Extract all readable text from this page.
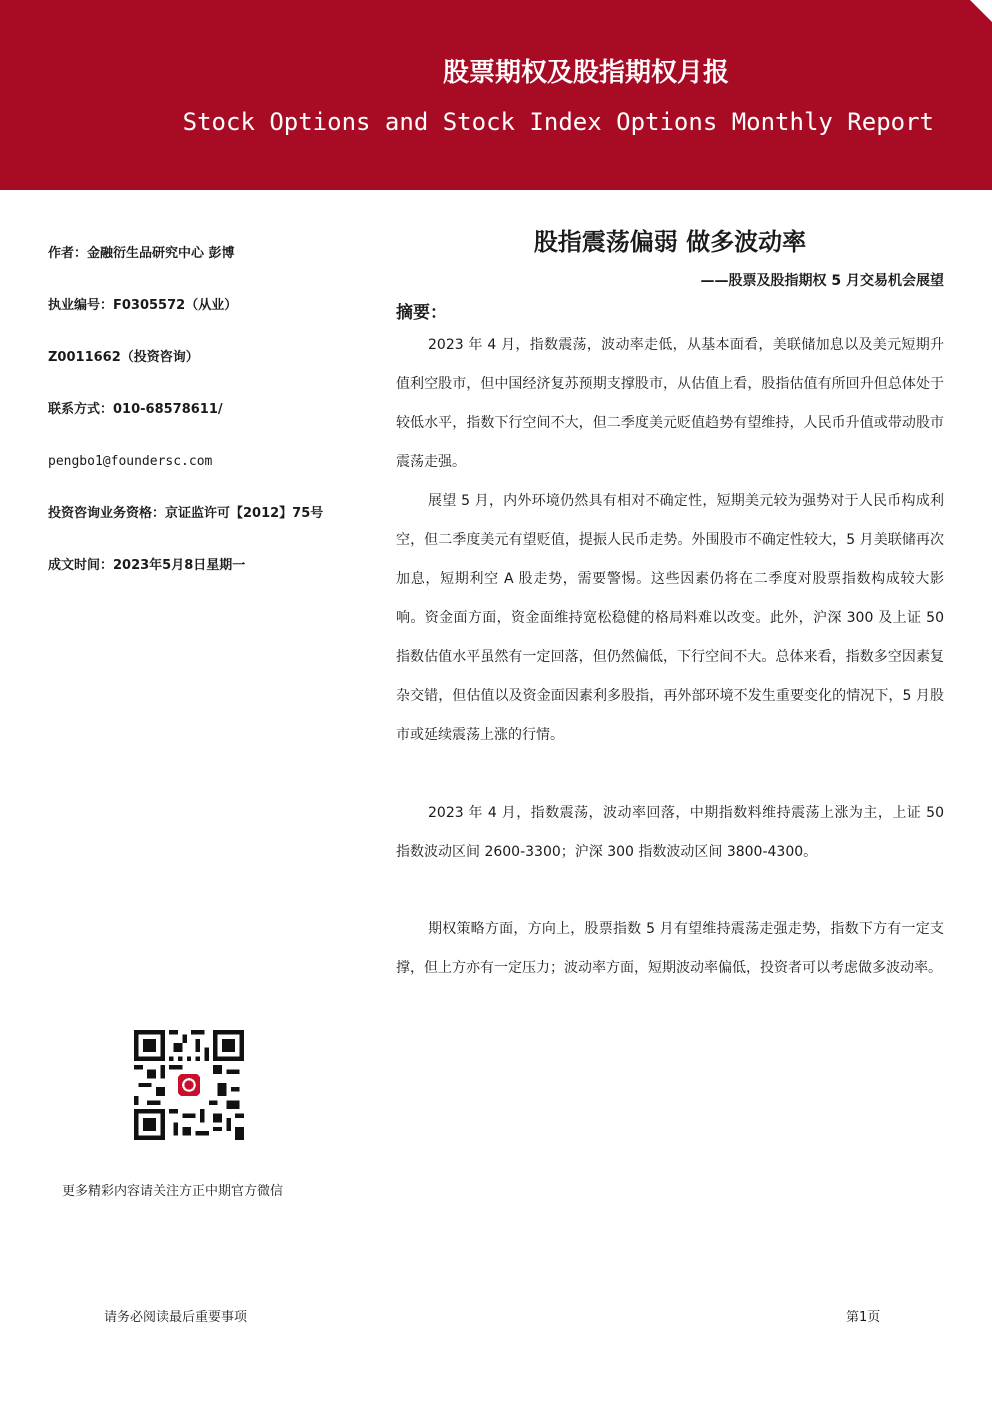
股票期权及股指期权月报
Stock Options and Stock Index Options Monthly Report
作者：金融衍生品研究中心 彭博
执业编号：F0305572（从业）
Z0011662（投资咨询）
联系方式：010-68578611/
pengbo1@foundersc.com
投资咨询业务资格：京证监许可【2012】75号
成文时间：2023年5月8日星期一
股指震荡偏弱 做多波动率
——股票及股指期权 5 月交易机会展望
摘要：

2023 年 4 月，指数震荡，波动率走低，从基本面看，美联储加息以及美元短期升值利空股市，但中国经济复苏预期支撑股市，从估值上看，股指估值有所回升但总体处于较低水平，指数下行空间不大，但二季度美元贬值趋势有望维持，人民币升值或带动股市震荡走强。

展望 5 月，内外环境仍然具有相对不确定性，短期美元较为强势对于人民币构成利空，但二季度美元有望贬值，提振人民币走势。外围股市不确定性较大，5 月美联储再次加息，短期利空 A 股走势，需要警惕。这些因素仍将在二季度对股票指数构成较大影响。资金面方面，资金面维持宽松稳健的格局料难以改变。此外，沪深 300 及上证 50 指数估值水平虽然有一定回落，但仍然偏低，下行空间不大。总体来看，指数多空因素复杂交错，但估值以及资金面因素利多股指，再外部环境不发生重要变化的情况下，5 月股市或延续震荡上涨的行情。

2023 年 4 月，指数震荡，波动率回落，中期指数料维持震荡上涨为主，上证 50 指数波动区间 2600-3300；沪深 300 指数波动区间 3800-4300。

期权策略方面，方向上，股票指数 5 月有望维持震荡走强走势，指数下方有一定支撑，但上方亦有一定压力；波动率方面，短期波动率偏低，投资者可以考虑做多波动率。

更多精彩内容请关注方正中期官方微信
请务必阅读最后重要事项	第1页
